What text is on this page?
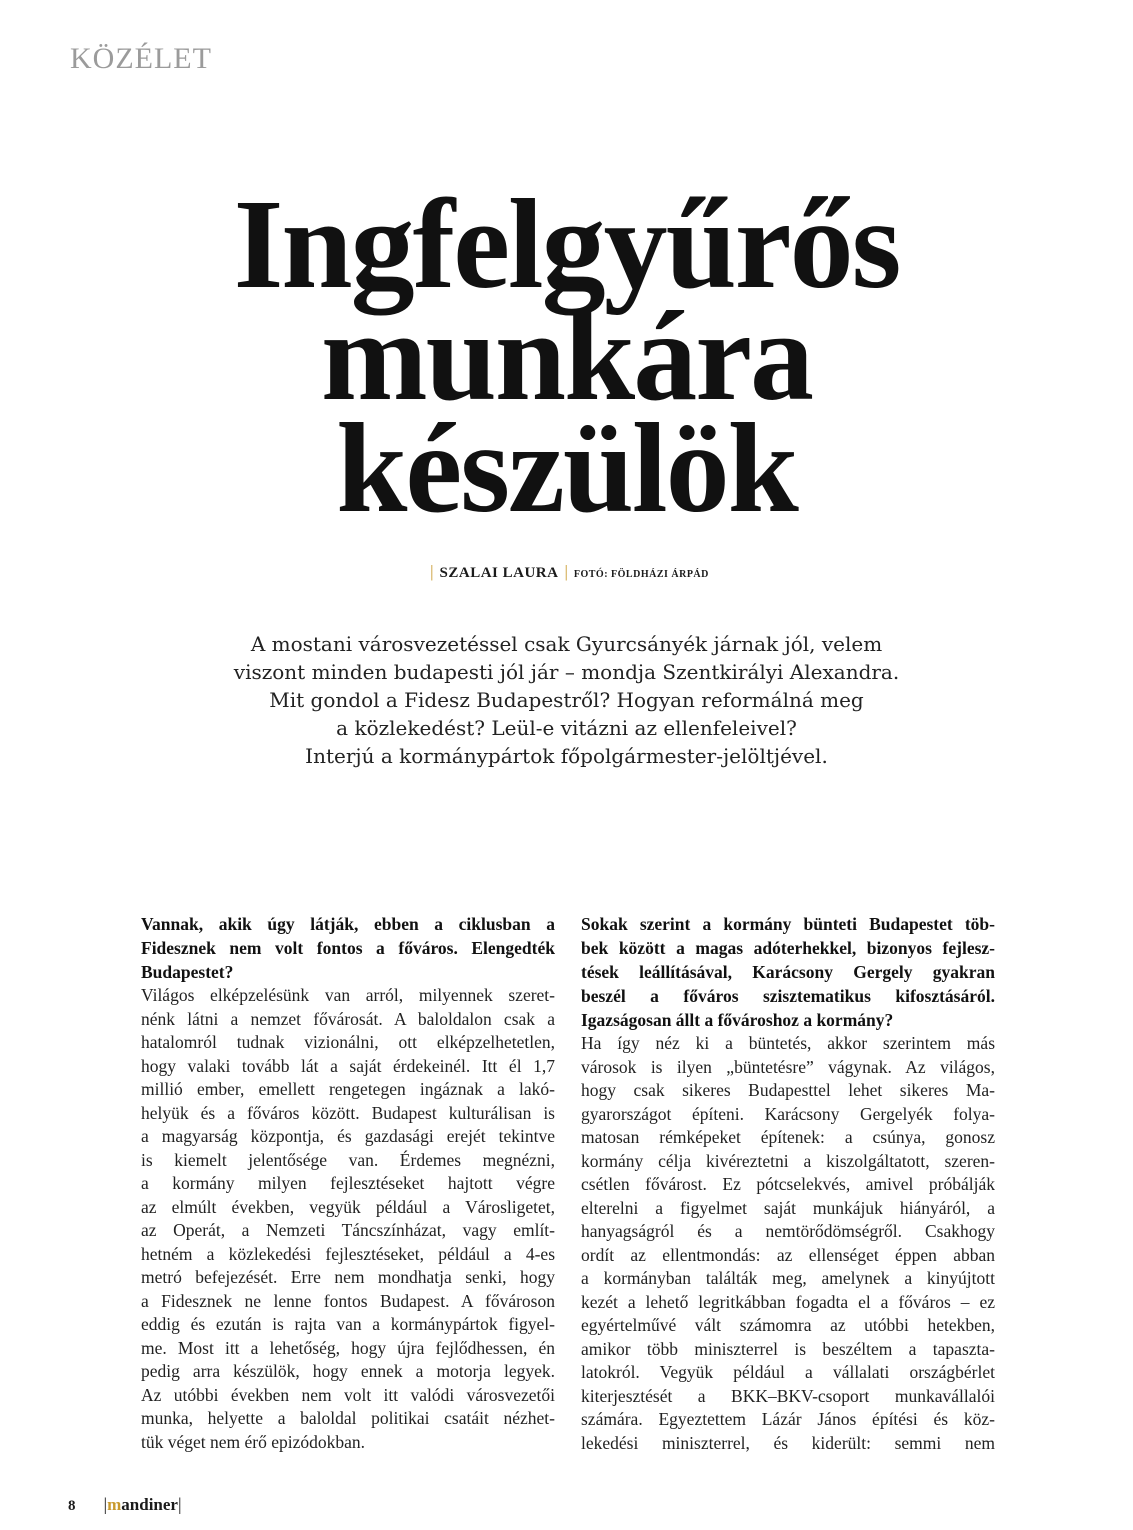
KÖZÉLET
Ingfelgyűrős
munkára
készülök
| SZALAI LAURA | FOTÓ: FÖLDHÁZI ÁRPÁD
A mostani városvezetéssel csak Gyurcsányék járnak jól, velem
viszont minden budapesti jól jár – mondja Szentkirályi Alexandra.
Mit gondol a Fidesz Budapestről? Hogyan reformálná meg
a közlekedést? Leül-e vitázni az ellenfeleivel?
Interjú a kormánypártok főpolgármester-jelöltjével.
Vannak, akik úgy látják, ebben a ciklusban a
Fidesznek nem volt fontos a főváros. Elengedték
Budapestet?
Világos elképzelésünk van arról, milyennek szeret-
nénk látni a nemzet fővárosát. A baloldalon csak a
hatalomról tudnak vizionálni, ott elképzelhetetlen,
hogy valaki tovább lát a saját érdekeinél. Itt él 1,7
millió ember, emellett rengetegen ingáznak a lakó-
helyük és a főváros között. Budapest kulturálisan is
a magyarság központja, és gazdasági erejét tekintve
is kiemelt jelentősége van. Érdemes megnézni,
a kormány milyen fejlesztéseket hajtott végre
az elmúlt években, vegyük például a Városligetet,
az Operát, a Nemzeti Táncszínházat, vagy említ-
hetném a közlekedési fejlesztéseket, például a 4-es
metró befejezését. Erre nem mondhatja senki, hogy
a Fidesznek ne lenne fontos Budapest. A fővároson
eddig és ezután is rajta van a kormánypártok figyel-
me. Most itt a lehetőség, hogy újra fejlődhessen, én
pedig arra készülök, hogy ennek a motorja legyek.
Az utóbbi években nem volt itt valódi városvezetői
munka, helyette a baloldal politikai csatáit nézhet-
tük véget nem érő epizódokban.
Sokak szerint a kormány bünteti Budapestet töb-
bek között a magas adóterhekkel, bizonyos fejlesz-
tések leállításával, Karácsony Gergely gyakran
beszél a főváros szisztematikus kifosztásáról.
Igazságosan állt a fővároshoz a kormány?
Ha így néz ki a büntetés, akkor szerintem más
városok is ilyen „büntetésre” vágynak. Az világos,
hogy csak sikeres Budapesttel lehet sikeres Ma-
gyarországot építeni. Karácsony Gergelyék folya-
matosan rémképeket építenek: a csúnya, gonosz
kormány célja kivéreztetni a kiszolgáltatott, szeren-
csétlen fővárost. Ez pótcselekvés, amivel próbálják
elterelni a figyelmet saját munkájuk hiányáról, a
hanyagságról és a nemtörődömségről. Csakhogy
ordít az ellentmondás: az ellenséget éppen abban
a kormányban találták meg, amelynek a kinyújtott
kezét a lehető legritkábban fogadta el a főváros – ez
egyértelművé vált számomra az utóbbi hetekben,
amikor több miniszterrel is beszéltem a tapaszta-
latokról. Vegyük például a vállalati országbérlet
kiterjesztését a BKK–BKV-csoport munkavállalói
számára. Egyeztettem Lázár János építési és köz-
lekedési miniszterrel, és kiderült: semmi nem
8 |mandiner|
